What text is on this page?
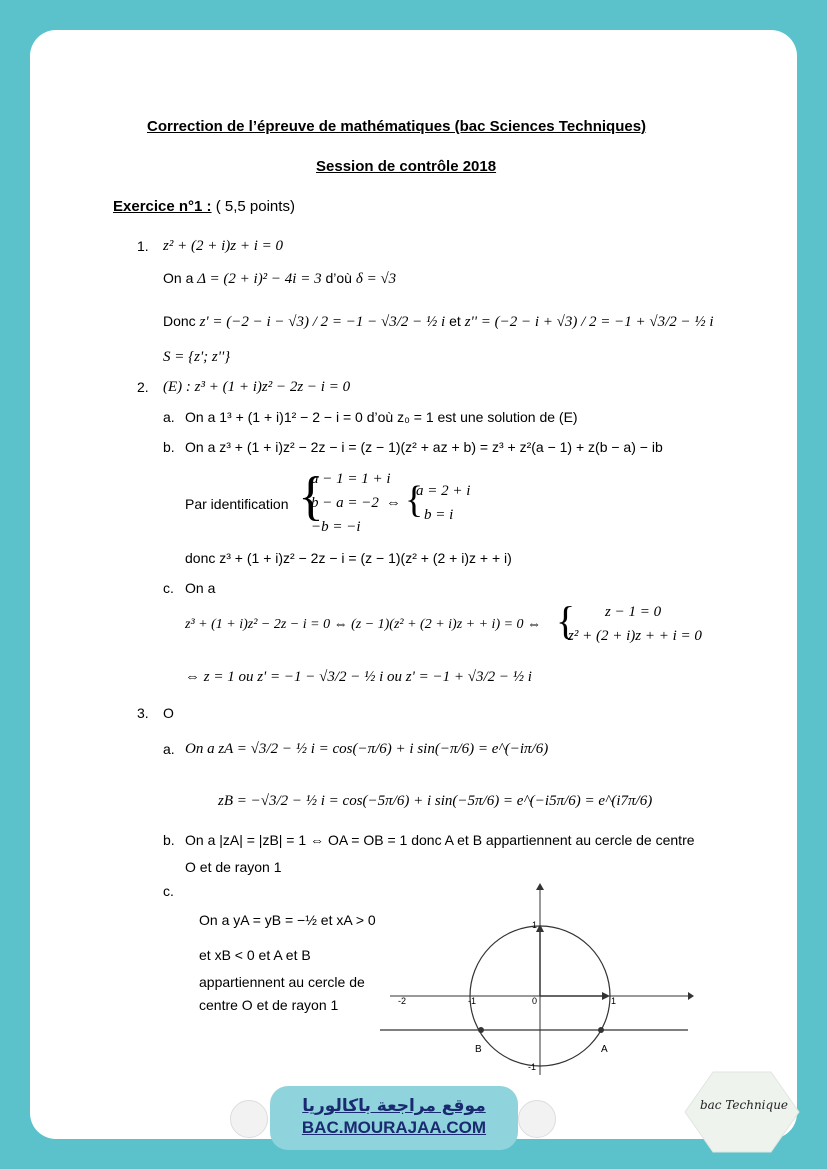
Correction de l’épreuve de mathématiques (bac Sciences Techniques)
Session de contrôle 2018
Exercice n°1 : ( 5,5 points)
1. z² + (2 + i)z + i = 0
On a Δ = (2 + i)² − 4i = 3 d’où δ = √3
Donc z' = (−2 − i − √3) / 2 = −1 − √3/2 − ½ i et z'' = (−2 − i + √3) / 2 = −1 + √3/2 − ½ i
S = {z'; z''}
2. (E) : z³ + (1 + i)z² − 2z − i = 0
a. On a 1³ + (1 + i)1² − 2 − i = 0 d’où z₀ = 1 est une solution de (E)
b. On a z³ + (1 + i)z² − 2z − i = (z − 1)(z² + az + b) = z³ + z²(a − 1) + z(b − a) − ib
Par identification {
a − 1 = 1 + i
b − a = −2
−b = −i
⇔ {
a = 2 + i
b = i
donc z³ + (1 + i)z² − 2z − i = (z − 1)(z² + (2 + i)z + + i)
c. On a
z³ + (1 + i)z² − 2z − i = 0 ⇔ (z − 1)(z² + (2 + i)z + + i) = 0 ⇔ { z − 1 = 0
z² + (2 + i)z + + i = 0
⇔ z = 1 ou z' = −1 − √3/2 − ½ i ou z' = −1 + √3/2 − ½ i
3. O
a. On a zA = √3/2 − ½ i = cos(−π/6) + i sin(−π/6) = e^(−iπ/6)
zB = −√3/2 − ½ i = cos(−5π/6) + i sin(−5π/6) = e^(−i5π/6) = e^(i7π/6)
b. On a |zA| = |zB| = 1 ⇔ OA = OB = 1 donc A et B appartiennent au cercle de centre
O et de rayon 1
c.
On a yA = yB = −½ et xA > 0
et xB < 0 et A et B
appartiennent au cercle de
centre O et de rayon 1	-2	-1	0	1
1
-1
B	A
موقع مراجعة باكالوريا
BAC.MOURAJAA.COM
bac Technique
